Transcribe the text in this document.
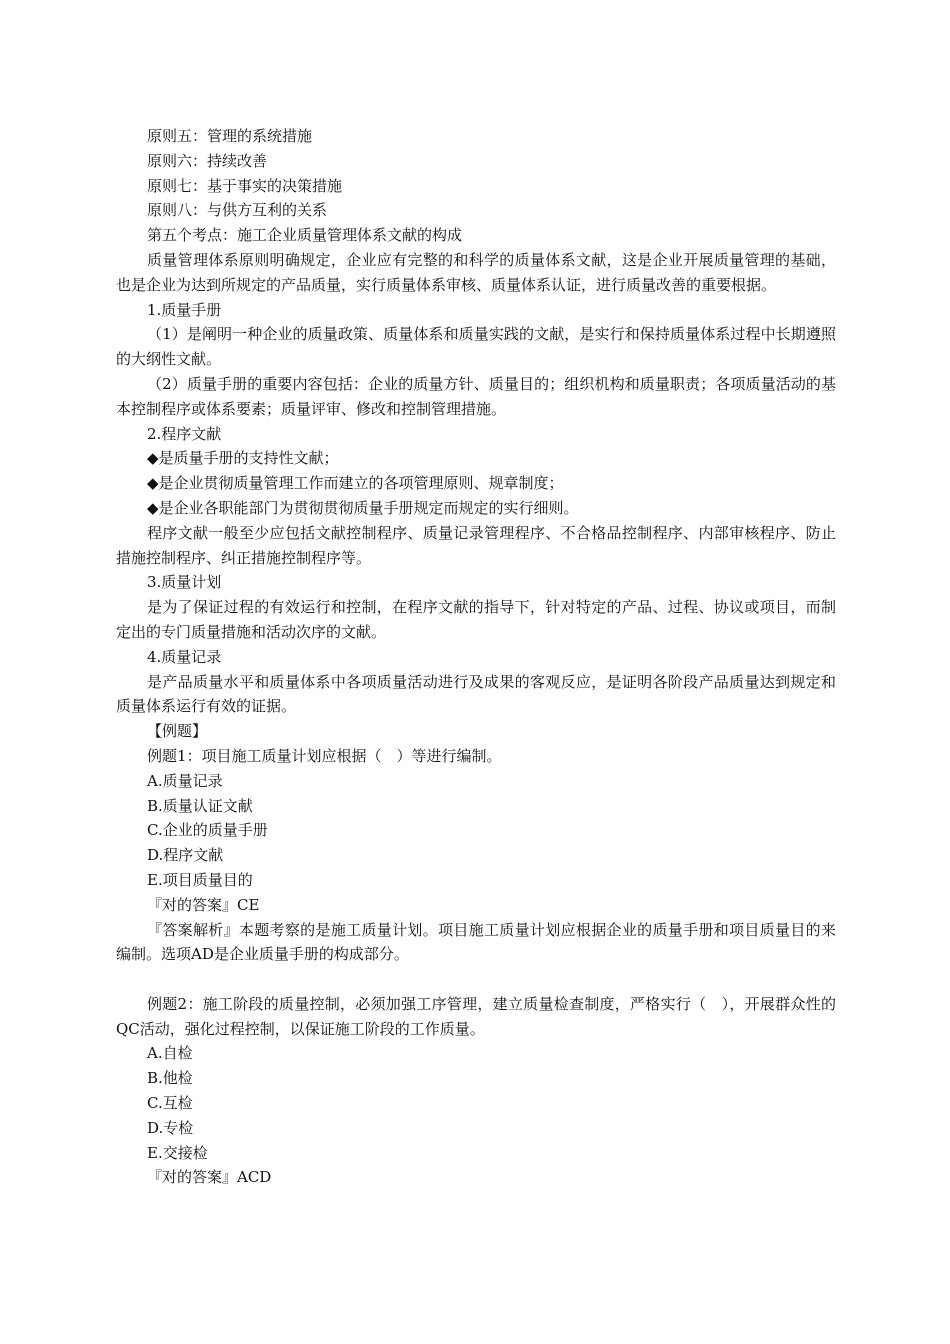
原则五：管理的系统措施

原则六：持续改善

原则七：基于事实的决策措施

原则八：与供方互利的关系

第五个考点：施工企业质量管理体系文献的构成

质量管理体系原则明确规定，企业应有完整的和科学的质量体系文献，这是企业开展质量管理的基础，也是企业为达到所规定的产品质量，实行质量体系审核、质量体系认证，进行质量改善的重要根据。

1.质量手册

（1）是阐明一种企业的质量政策、质量体系和质量实践的文献，是实行和保持质量体系过程中长期遵照的大纲性文献。

（2）质量手册的重要内容包括：企业的质量方针、质量目的；组织机构和质量职责；各项质量活动的基本控制程序或体系要素；质量评审、修改和控制管理措施。

2.程序文献

◆是质量手册的支持性文献；

◆是企业贯彻质量管理工作而建立的各项管理原则、规章制度；

◆是企业各职能部门为贯彻贯彻质量手册规定而规定的实行细则。

程序文献一般至少应包括文献控制程序、质量记录管理程序、不合格品控制程序、内部审核程序、防止措施控制程序、纠正措施控制程序等。

3.质量计划

是为了保证过程的有效运行和控制，在程序文献的指导下，针对特定的产品、过程、协议或项目，而制定出的专门质量措施和活动次序的文献。

4.质量记录

是产品质量水平和质量体系中各项质量活动进行及成果的客观反应，是证明各阶段产品质量达到规定和质量体系运行有效的证据。

【例题】

例题1：项目施工质量计划应根据（　）等进行编制。

A.质量记录

B.质量认证文献

C.企业的质量手册

D.程序文献

E.项目质量目的

『对的答案』CE

『答案解析』本题考察的是施工质量计划。项目施工质量计划应根据企业的质量手册和项目质量目的来编制。选项AD是企业质量手册的构成部分。

例题2：施工阶段的质量控制，必须加强工序管理，建立质量检查制度，严格实行（　），开展群众性的QC活动，强化过程控制，以保证施工阶段的工作质量。

A.自检

B.他检

C.互检

D.专检

E.交接检

『对的答案』ACD
